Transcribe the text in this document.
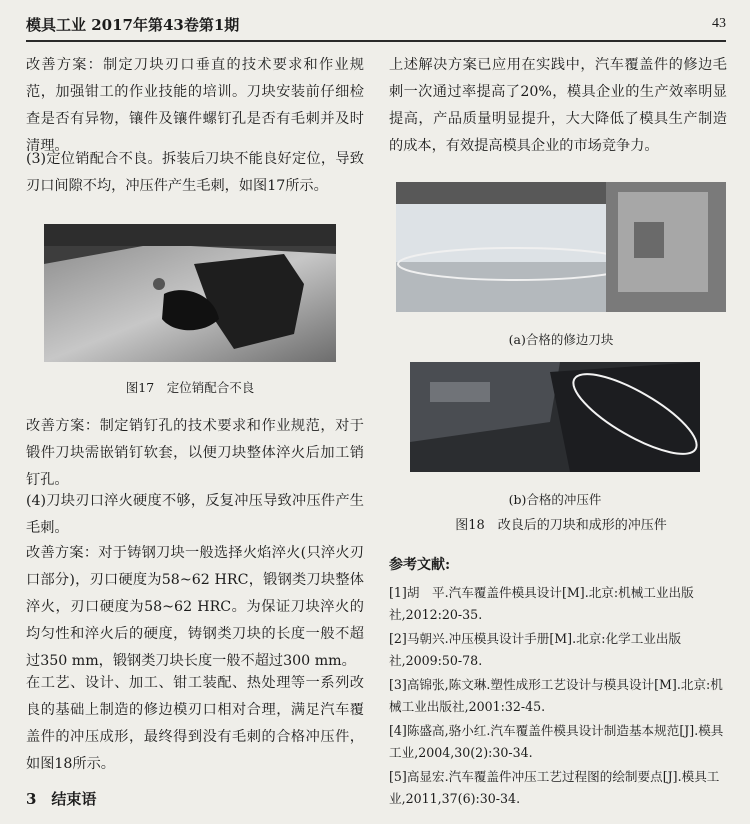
模具工业 2017年第43卷第1期	43

改善方案：制定刀块刃口垂直的技术要求和作业规范，加强钳工的作业技能的培训。刀块安装前仔细检查是否有异物，镶件及镶件螺钉孔是否有毛刺并及时清理。

(3)定位销配合不良。拆装后刀块不能良好定位，导致刃口间隙不均，冲压件产生毛刺，如图17所示。

图17　定位销配合不良

改善方案：制定销钉孔的技术要求和作业规范，对于锻件刀块需嵌销钉软套，以便刀块整体淬火后加工销钉孔。

(4)刀块刃口淬火硬度不够，反复冲压导致冲压件产生毛刺。

改善方案：对于铸钢刀块一般选择火焰淬火(只淬火刃口部分)，刃口硬度为58~62 HRC，锻钢类刀块整体淬火，刃口硬度为58~62 HRC。为保证刀块淬火的均匀性和淬火后的硬度，铸钢类刀块的长度一般不超过350 mm，锻钢类刀块长度一般不超过300 mm。

在工艺、设计、加工、钳工装配、热处理等一系列改良的基础上制造的修边模刃口相对合理，满足汽车覆盖件的冲压成形，最终得到没有毛刺的合格冲压件，如图18所示。

3　结束语

上述解决方案已应用在实践中，汽车覆盖件的修边毛刺一次通过率提高了20%，模具企业的生产效率明显提高，产品质量明显提升，大大降低了模具生产制造的成本，有效提高模具企业的市场竞争力。

(a)合格的修边刀块
(b)合格的冲压件
图18　改良后的刀块和成形的冲压件
参考文献:

[1]胡　平.汽车覆盖件模具设计[M].北京:机械工业出版社,2012:20-35.

[2]马朝兴.冲压模具设计手册[M].北京:化学工业出版社,2009:50-78.

[3]高锦张,陈文琳.塑性成形工艺设计与模具设计[M].北京:机械工业出版社,2001:32-45.

[4]陈盛高,骆小红.汽车覆盖件模具设计制造基本规范[J].模具工业,2004,30(2):30-34.

[5]高显宏.汽车覆盖件冲压工艺过程图的绘制要点[J].模具工业,2011,37(6):30-34.
